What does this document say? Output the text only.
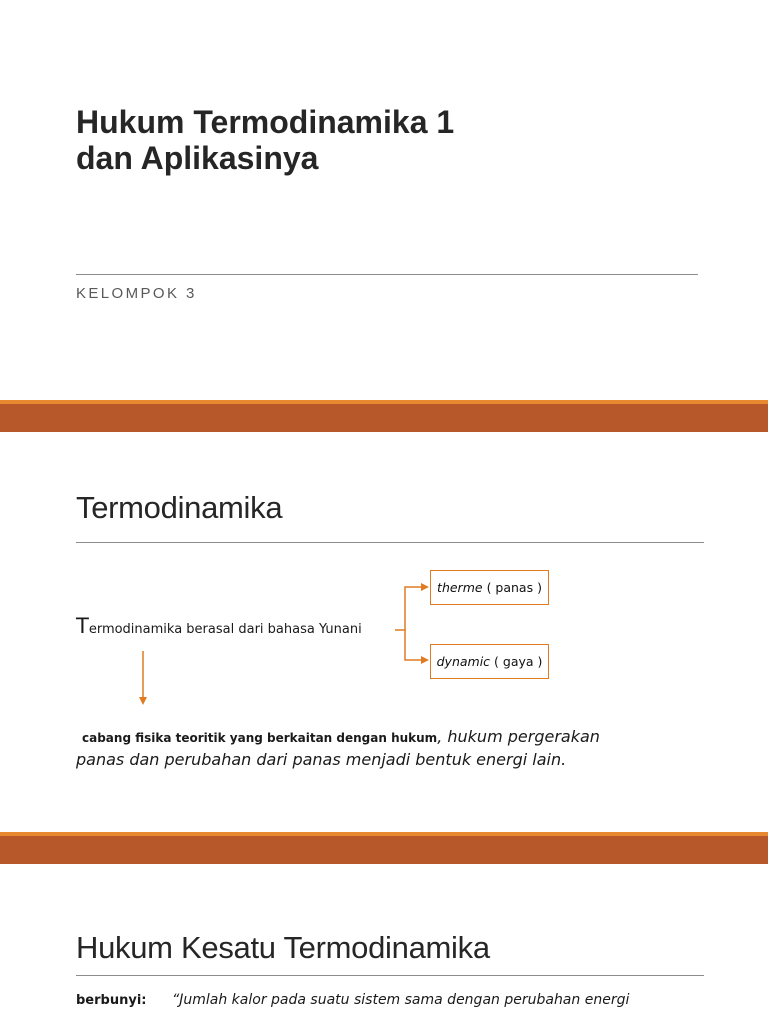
Hukum Termodinamika 1
dan Aplikasinya
KELOMPOK 3
Termodinamika
therme ( panas )
dynamic ( gaya )
Termodinamika berasal dari bahasa Yunani
cabang fisika teoritik yang berkaitan dengan hukum, hukum pergerakan
panas dan perubahan dari panas menjadi bentuk energi lain.
Hukum Kesatu Termodinamika
berbunyi: “Jumlah kalor pada suatu sistem sama dengan perubahan energi
